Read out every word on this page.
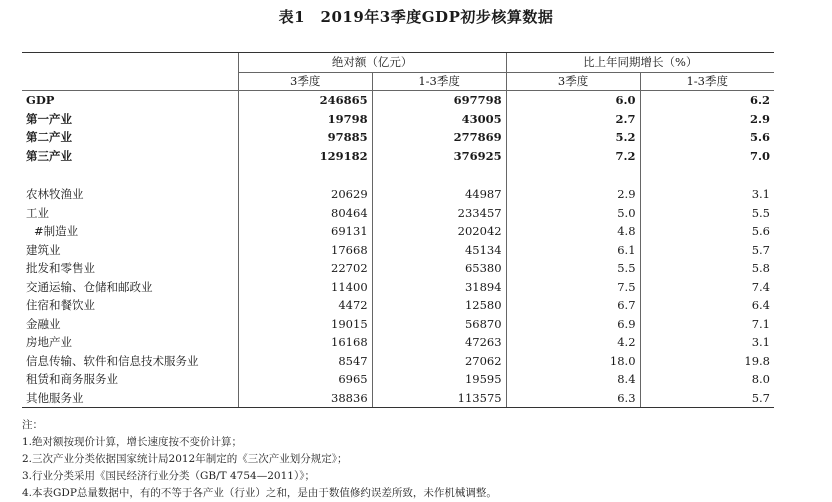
表1　2019年3季度GDP初步核算数据
	绝对额（亿元）		比上年同期增长（%）	
	3季度	1-3季度	3季度	1-3季度
GDP	246865	697798	6.0	6.2
第一产业	19798	43005	2.7	2.9
第二产业	97885	277869	5.2	5.6
第三产业	129182	376925	7.2	7.0

农林牧渔业	20629	44987	2.9	3.1
工业	80464	233457	5.0	5.5
#制造业	69131	202042	4.8	5.6
建筑业	17668	45134	6.1	5.7
批发和零售业	22702	65380	5.5	5.8
交通运输、仓储和邮政业	11400	31894	7.5	7.4
住宿和餐饮业	4472	12580	6.7	6.4
金融业	19015	56870	6.9	7.1
房地产业	16168	47263	4.2	3.1
信息传输、软件和信息技术服务业	8547	27062	18.0	19.8
租赁和商务服务业	6965	19595	8.4	8.0
其他服务业	38836	113575	6.3	5.7
注：
1.绝对额按现价计算，增长速度按不变价计算；
2.三次产业分类依据国家统计局2012年制定的《三次产业划分规定》；
3.行业分类采用《国民经济行业分类（GB/T 4754—2011）》；
4.本表GDP总量数据中，有的不等于各产业（行业）之和，是由于数值修约误差所致，未作机械调整。
